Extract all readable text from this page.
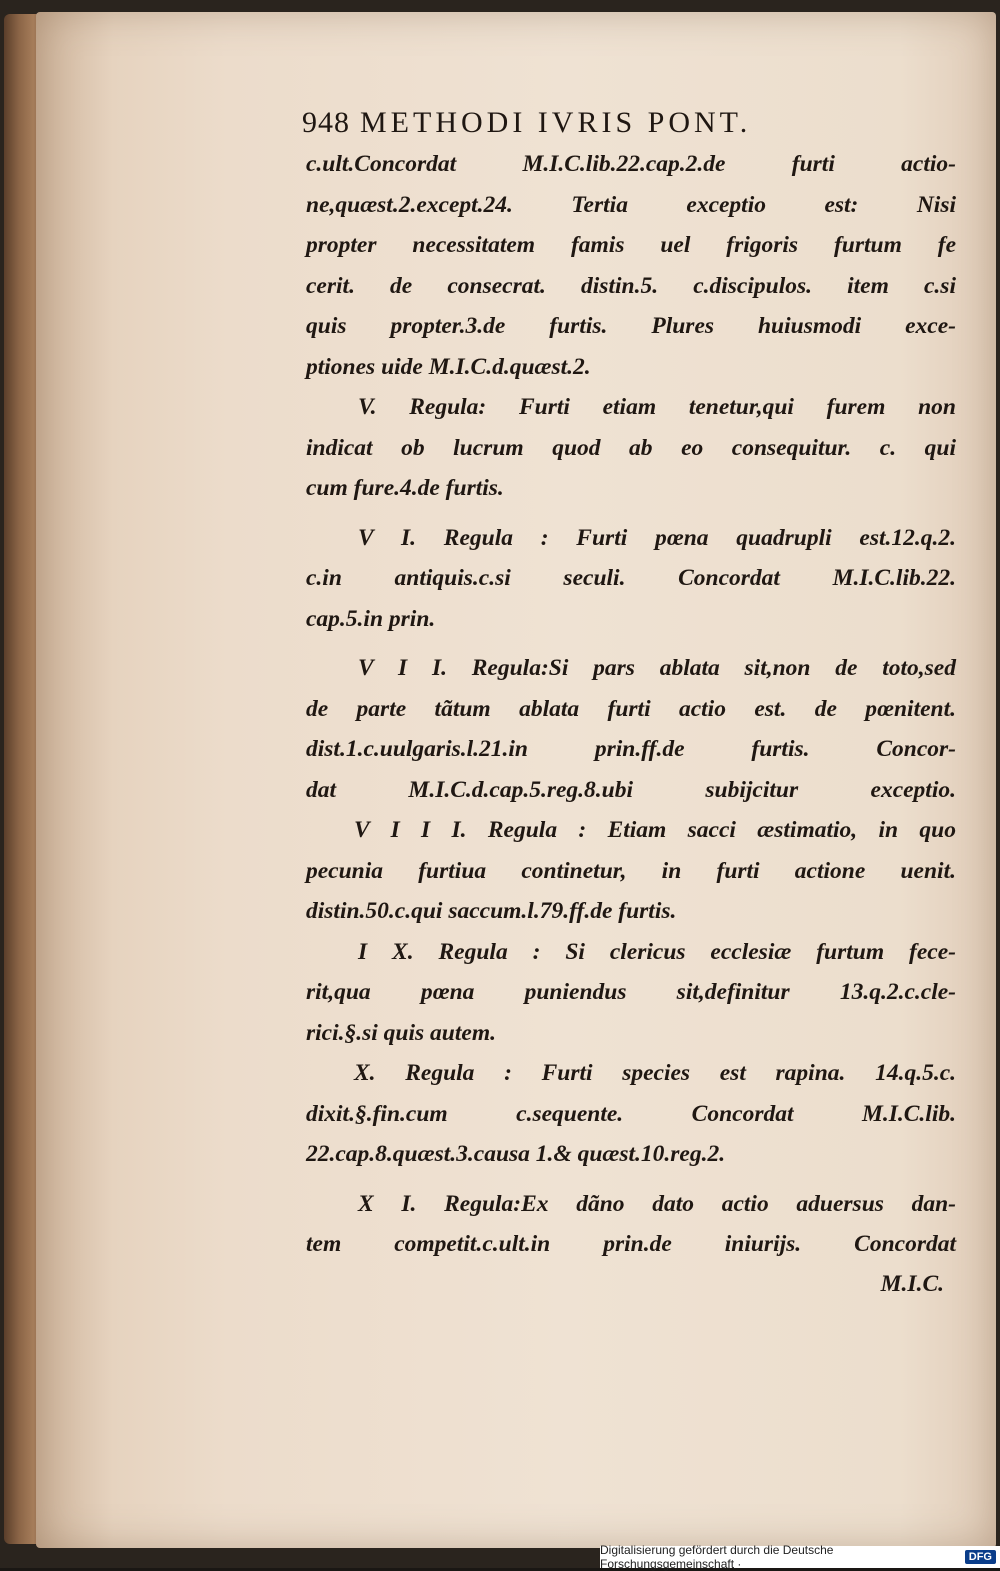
948 METHODI IVRIS PONT.
c.ult.Concordat M.I.C.lib.22.cap.2.de furti actio-
ne,quæst.2.except.24. Tertia exceptio est: Nisi
propter necessitatem famis uel frigoris furtum fe
cerit. de consecrat. distin.5. c.discipulos. item c.si
quis propter.3.de furtis. Plures huiusmodi exce-
ptiones uide M.I.C.d.quæst.2.
V. Regula: Furti etiam tenetur,qui furem non
indicat ob lucrum quod ab eo consequitur. c. qui
cum fure.4.de furtis.
V I. Regula : Furti pœna quadrupli est.12.q.2.
c.in antiquis.c.si seculi. Concordat M.I.C.lib.22.
cap.5.in prin.
V I I. Regula:Si pars ablata sit,non de toto,sed
de parte tãtum ablata furti actio est. de pœnitent.
dist.1.c.uulgaris.l.21.in prin.ff.de furtis. Concor-
dat M.I.C.d.cap.5.reg.8.ubi subijcitur exceptio.
V I I I. Regula : Etiam sacci æstimatio, in quo
pecunia furtiua continetur, in furti actione uenit.
distin.50.c.qui saccum.l.79.ff.de furtis.
I X. Regula : Si clericus ecclesiæ furtum fece-
rit,qua pœna puniendus sit,definitur 13.q.2.c.cle-
rici.§.si quis autem.
X. Regula : Furti species est rapina. 14.q.5.c.
dixit.§.fin.cum c.sequente. Concordat M.I.C.lib.
22.cap.8.quæst.3.causa 1.& quæst.10.reg.2.
X I. Regula:Ex dãno dato actio aduersus dan-
tem competit.c.ult.in prin.de iniurijs. Concordat
M.I.C.
Digitalisierung gefördert durch die Deutsche Forschungsgemeinschaft ·	DFG
